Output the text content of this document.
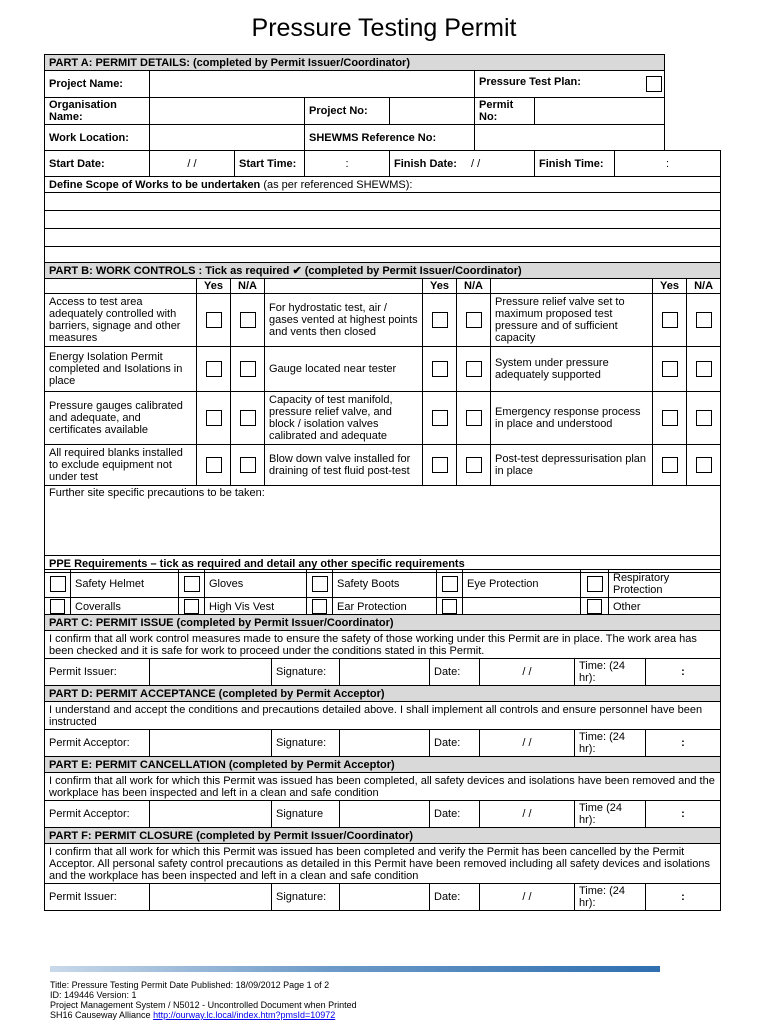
Pressure Testing Permit
PART A: PERMIT DETAILS: (completed by Permit Issuer/Coordinator)						
Project Name:				Pressure Test Plan:	

Organisation Name:		Project No:		Permit No:		
Work Location:		SHEWMS Reference No:				
Start Date:	/ /	Start Time:	:	Finish Date: / /	Finish Time:	:
Define Scope of Works to be undertaken (as per referenced SHEWMS):

PART B: WORK CONTROLS : Tick as required ✔ (completed by Permit Issuer/Coordinator)								
	Yes	N/A		Yes	N/A		Yes	N/A
Access to test area adequately controlled with barriers, signage and other measures			For hydrostatic test, air / gases vented at highest points and vents then closed			Pressure relief valve set to maximum proposed test pressure and of sufficient capacity		
Energy Isolation Permit completed and Isolations in place			Gauge located near tester			System under pressure adequately supported		
Pressure gauges calibrated and adequate, and certificates available			Capacity of test manifold, pressure relief valve, and block / isolation valves calibrated and adequate			Emergency response process in place and understood		
All required blanks installed to exclude equipment not under test			Blow down valve installed for draining of test fluid post-test			Post-test depressurisation plan in place		
Further site specific precautions to be taken:								
PPE Requirements – tick as required and detail any other specific requirements								
	Safety Helmet		Gloves		Safety Boots		Eye Protection		Respiratory Protection
	Coveralls		High Vis Vest		Ear Protection				Other
PART C: PERMIT ISSUE (completed by Permit Issuer/Coordinator)							
I confirm that all work control measures made to ensure the safety of those working under this Permit are in place. The work area has been checked and it is safe for work to proceed under the conditions stated in this Permit.							
Permit Issuer:		Signature:		Date:	/ /	Time: (24 hr):	:
PART D: PERMIT ACCEPTANCE (completed by Permit Acceptor)							
I understand and accept the conditions and precautions detailed above. I shall implement all controls and ensure personnel have been instructed							
Permit Acceptor:		Signature:		Date:	/ /	Time: (24 hr):	:
PART E: PERMIT CANCELLATION (completed by Permit Acceptor)							
I confirm that all work for which this Permit was issued has been completed, all safety devices and isolations have been removed and the workplace has been inspected and left in a clean and safe condition							
Permit Acceptor:		Signature		Date:	/ /	Time (24 hr):	:
PART F: PERMIT CLOSURE (completed by Permit Issuer/Coordinator)							
I confirm that all work for which this Permit was issued has been completed and verify the Permit has been cancelled by the Permit Acceptor. All personal safety control precautions as detailed in this Permit have been removed including all safety devices and isolations and the workplace has been inspected and left in a clean and safe condition							
Permit Issuer:		Signature:		Date:	/ /	Time: (24 hr):	:
Title: Pressure Testing Permit Date Published: 18/09/2012 Page 1 of 2
ID: 149446 Version: 1
Project Management System / N5012 - Uncontrolled Document when Printed
SH16 Causeway Alliance http://ourway.lc.local/index.htm?pmsId=10972
